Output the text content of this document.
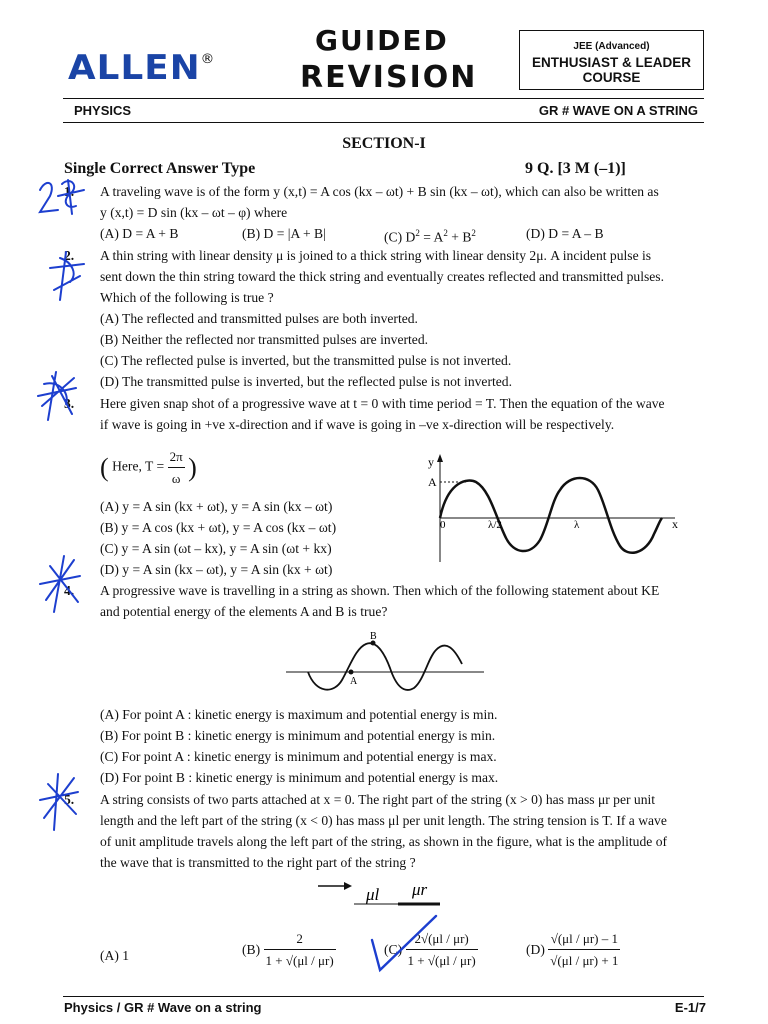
ALLEN®
GUIDED
REVISION
JEE (Advanced)
ENTHUSIAST & LEADER COURSE
PHYSICS	GR # WAVE ON A STRING
SECTION-I
Single Correct Answer Type	9 Q. [3 M (–1)]
1. A traveling wave is of the form y (x,t) = A cos (kx – ωt) + B sin (kx – ωt), which can also be written as
y (x,t) = D sin (kx – ωt – φ) where
(A) D = A + B	(B) D = |A + B|	(C) $D^2 = A^2 + B^2$	(D) D = A – B
2. A thin string with linear density μ is joined to a thick string with linear density 2μ. A incident pulse is
sent down the thin string toward the thick string and eventually creates reflected and transmitted pulses.
Which of the following is true ?
(A) The reflected and transmitted pulses are both inverted.
(B) Neither the reflected nor transmitted pulses are inverted.
(C) The reflected pulse is inverted, but the transmitted pulse is not inverted.
(D) The transmitted pulse is inverted, but the reflected pulse is not inverted.
3. Here given snap shot of a progressive wave at t = 0 with time period = T. Then the equation of the wave
if wave is going in +ve x-direction and if wave is going in –ve x-direction will be respectively.
( Here, $T = \frac{2\pi}{\omega}$ )
(A) y = A sin (kx + ωt), y = A sin (kx – ωt)
(B) y = A cos (kx + ωt), y = A cos (kx – ωt)
(C) y = A sin (ωt – kx), y = A sin (ωt + kx)
(D) y = A sin (kx – ωt), y = A sin (kx + ωt)
y
A
0	λ/2	λ	x
4. A progressive wave is travelling in a string as shown. Then which of the following statement about KE
and potential energy of the elements A and B is true?
B
A
(A) For point A : kinetic energy is maximum and potential energy is min.
(B) For point B : kinetic energy is minimum and potential energy is min.
(C) For point A : kinetic energy is minimum and potential energy is max.
(D) For point B : kinetic energy is minimum and potential energy is max.
5. A string consists of two parts attached at x = 0. The right part of the string (x > 0) has mass μr per unit
length and the left part of the string (x < 0) has mass μl per unit length. The string tension is T. If a wave
of unit amplitude travels along the left part of the string, as shown in the figure, what is the amplitude of
the wave that is transmitted to the right part of the string ?
μl μr
(A) 1	$(B) \frac{2}{1 + √(\mu l / \mu r)}$	$(C) \frac{2√(\mu l / \mu r)}{1 + √(\mu l / \mu r)}$	$(D) \frac{√(\mu l / \mu r) - 1}{√(\mu l / \mu r) + 1}$
Physics / GR # Wave on a string	E-1/7
